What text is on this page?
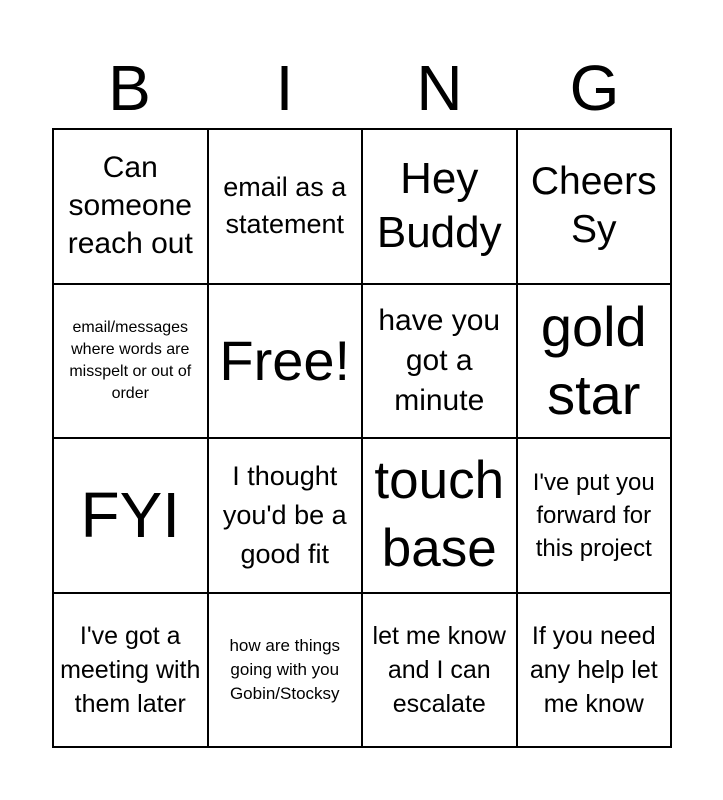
B	I	N	G
Can someone reach out
email as a statement
Hey Buddy
Cheers Sy
email/messages where words are misspelt or out of order
Free!
have you got a minute
gold star
FYI
I thought you'd be a good fit
touch base
I've put you forward for this project
I've got a meeting with them later
how are things going with you Gobin/Stocksy
let me know and I can escalate
If you need any help let me know
